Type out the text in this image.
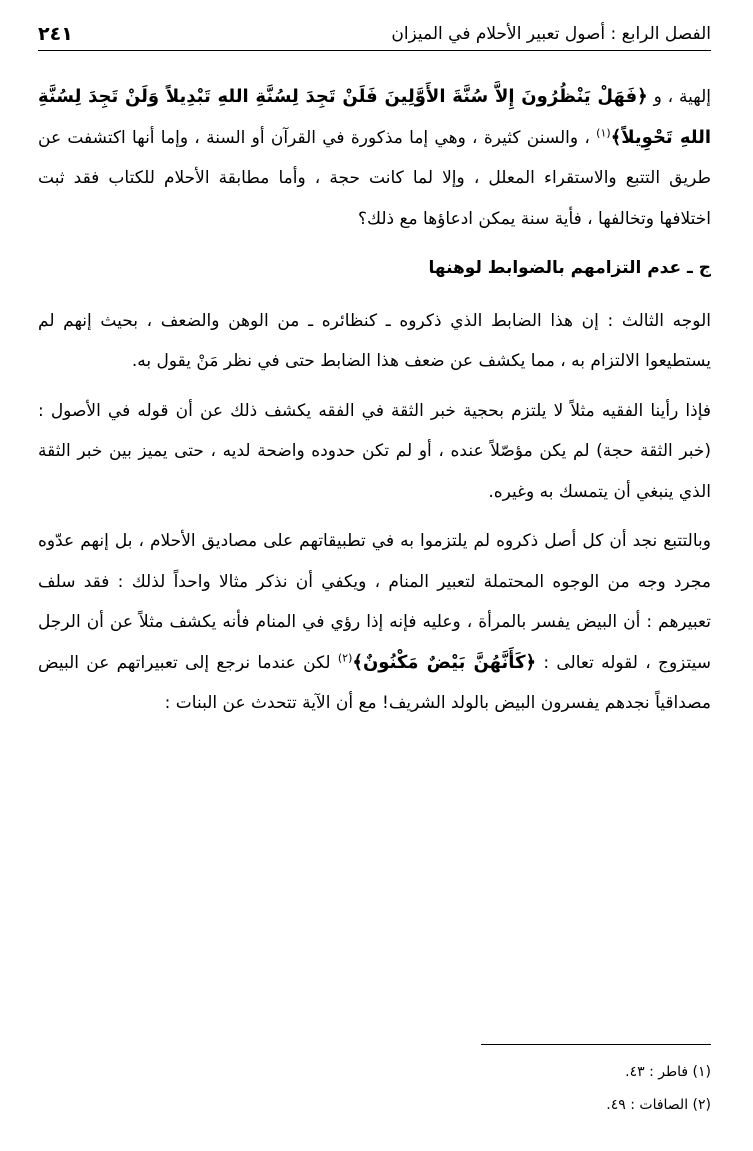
الفصل الرابع : أصول تعبير الأحلام في الميزان
٢٤١

إلهية ، و ﴿فَهَلْ يَنْظُرُونَ إِلاَّ سُنَّةَ الأَوَّلِينَ فَلَنْ تَجِدَ لِسُنَّةِ اللهِ تَبْدِيلاً وَلَنْ تَجِدَ لِسُنَّةِ اللهِ تَحْوِيلاً﴾$^{(١)}$ ، والسنن كثيرة ، وهي إما مذكورة في القرآن أو السنة ، وإما أنها اكتشفت عن طريق التتبع والاستقراء المعلل ، وإلا لما كانت حجة ، وأما مطابقة الأحلام للكتاب فقد ثبت اختلافها وتخالفها ، فأية سنة يمكن ادعاؤها مع ذلك؟

ج ـ عدم التزامهم بالضوابط لوهنها

الوجه الثالث : إن هذا الضابط الذي ذكروه ـ كنظائره ـ من الوهن والضعف ، بحيث إنهم لم يستطيعوا الالتزام به ، مما يكشف عن ضعف هذا الضابط حتى في نظر مَنْ يقول به.

فإذا رأينا الفقيه مثلاً لا يلتزم بحجية خبر الثقة في الفقه يكشف ذلك عن أن قوله في الأصول : (خبر الثقة حجة) لم يكن مؤصّلاً عنده ، أو لم تكن حدوده واضحة لديه ، حتى يميز بين خبر الثقة الذي ينبغي أن يتمسك به وغيره.

وبالتتبع نجد أن كل أصل ذكروه لم يلتزموا به في تطبيقاتهم على مصاديق الأحلام ، بل إنهم عدّوه مجرد وجه من الوجوه المحتملة لتعبير المنام ، ويكفي أن نذكر مثالا واحداً لذلك : فقد سلف تعبيرهم : أن البيض يفسر بالمرأة ، وعليه فإنه إذا رؤي في المنام فأنه يكشف مثلاً عن أن الرجل سيتزوج ، لقوله تعالى : ﴿كَأَنَّهُنَّ بَيْضٌ مَكْنُونٌ﴾$^{(٢)}$ لكن عندما نرجع إلى تعبيراتهم عن البيض مصداقياً نجدهم يفسرون البيض بالولد الشريف! مع أن الآية تتحدث عن البنات :

(١) فاطر : ٤٣.
(٢) الصافات : ٤٩.
